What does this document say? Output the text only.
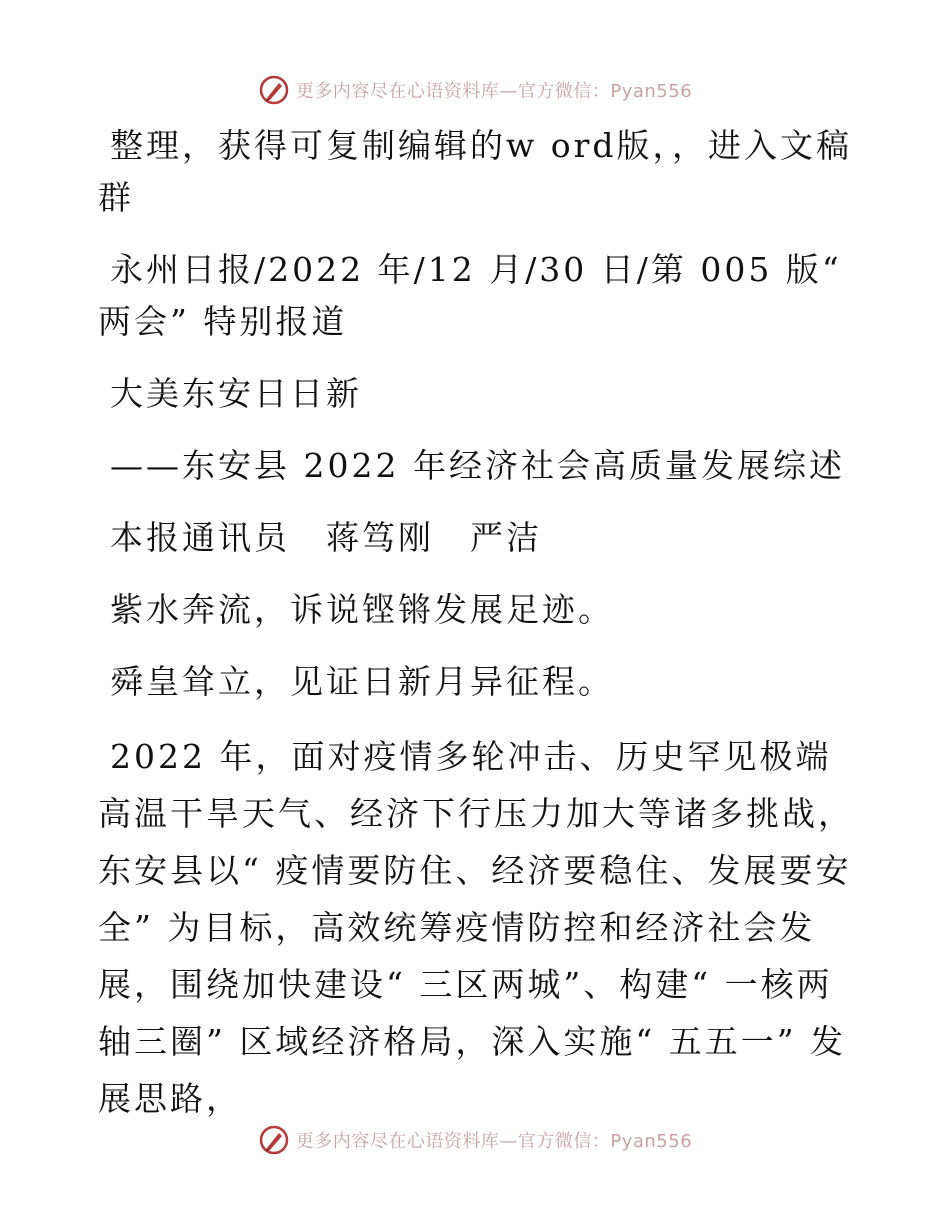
更多内容尽在心语资料库—官方微信：Pyan556

整理，获得可复制编辑的w ord版，，进入文稿群

永州日报/2022 年/12 月/30 日/第 005 版“ 两会” 特别报道

大美东安日日新

——东安县 2022 年经济社会高质量发展综述

本报通讯员　蒋笃刚　严洁

紫水奔流，诉说铿锵发展足迹。

舜皇耸立，见证日新月异征程。

2022 年，面对疫情多轮冲击、历史罕见极端高温干旱天气、经济下行压力加大等诸多挑战，东安县以“ 疫情要防住、经济要稳住、发展要安全” 为目标，高效统筹疫情防控和经济社会发展，围绕加快建设“ 三区两城”、构建“ 一核两轴三圈” 区域经济格局，深入实施“ 五五一” 发展思路，

更多内容尽在心语资料库—官方微信：Pyan556
